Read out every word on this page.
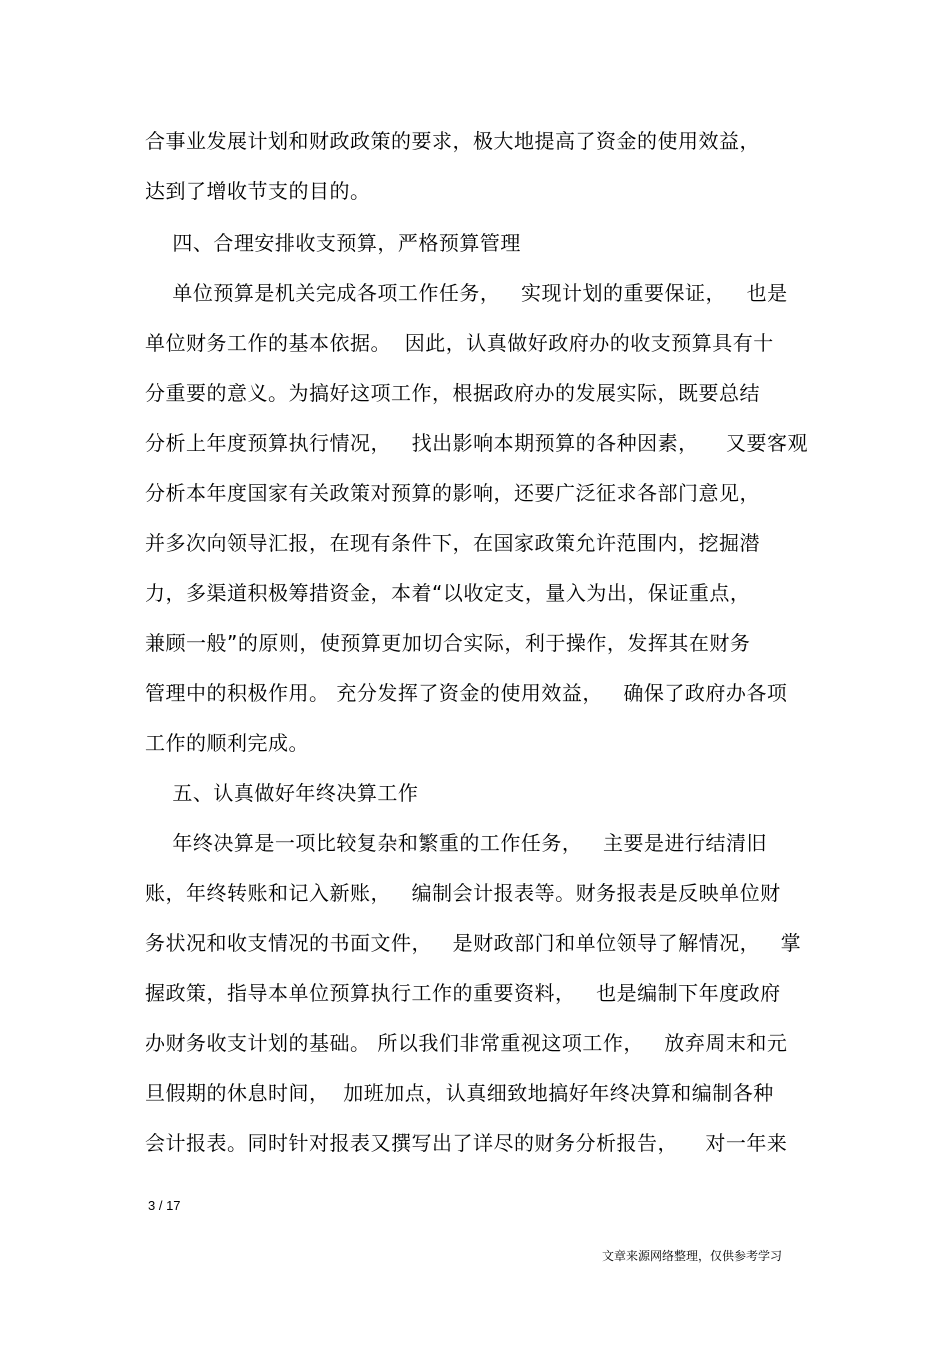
合事业发展计划和财政政策的要求，极大地提高了资金的使用效益，
达到了增收节支的目的。
四、合理安排收支预算，严格预算管理
单位预算是机关完成各项工作任务，   实现计划的重要保证，   也是
单位财务工作的基本依据。  因此，认真做好政府办的收支预算具有十
分重要的意义。为搞好这项工作，根据政府办的发展实际，既要总结
分析上年度预算执行情况，   找出影响本期预算的各种因素，    又要客观
分析本年度国家有关政策对预算的影响，还要广泛征求各部门意见，
并多次向领导汇报，在现有条件下，在国家政策允许范围内，挖掘潜
力，多渠道积极筹措资金，本着“以收定支，量入为出，保证重点，
兼顾一般”的原则，使预算更加切合实际，利于操作，发挥其在财务
管理中的积极作用。 充分发挥了资金的使用效益，   确保了政府办各项
工作的顺利完成。
五、认真做好年终决算工作
年终决算是一项比较复杂和繁重的工作任务，   主要是进行结清旧
账，年终转账和记入新账，   编制会计报表等。财务报表是反映单位财
务状况和收支情况的书面文件，   是财政部门和单位领导了解情况，   掌
握政策，指导本单位预算执行工作的重要资料，   也是编制下年度政府
办财务收支计划的基础。 所以我们非常重视这项工作，   放弃周末和元
旦假期的休息时间，  加班加点，认真细致地搞好年终决算和编制各种
会计报表。同时针对报表又撰写出了详尽的财务分析报告，    对一年来
3 / 17
文章来源网络整理，仅供参考学习
